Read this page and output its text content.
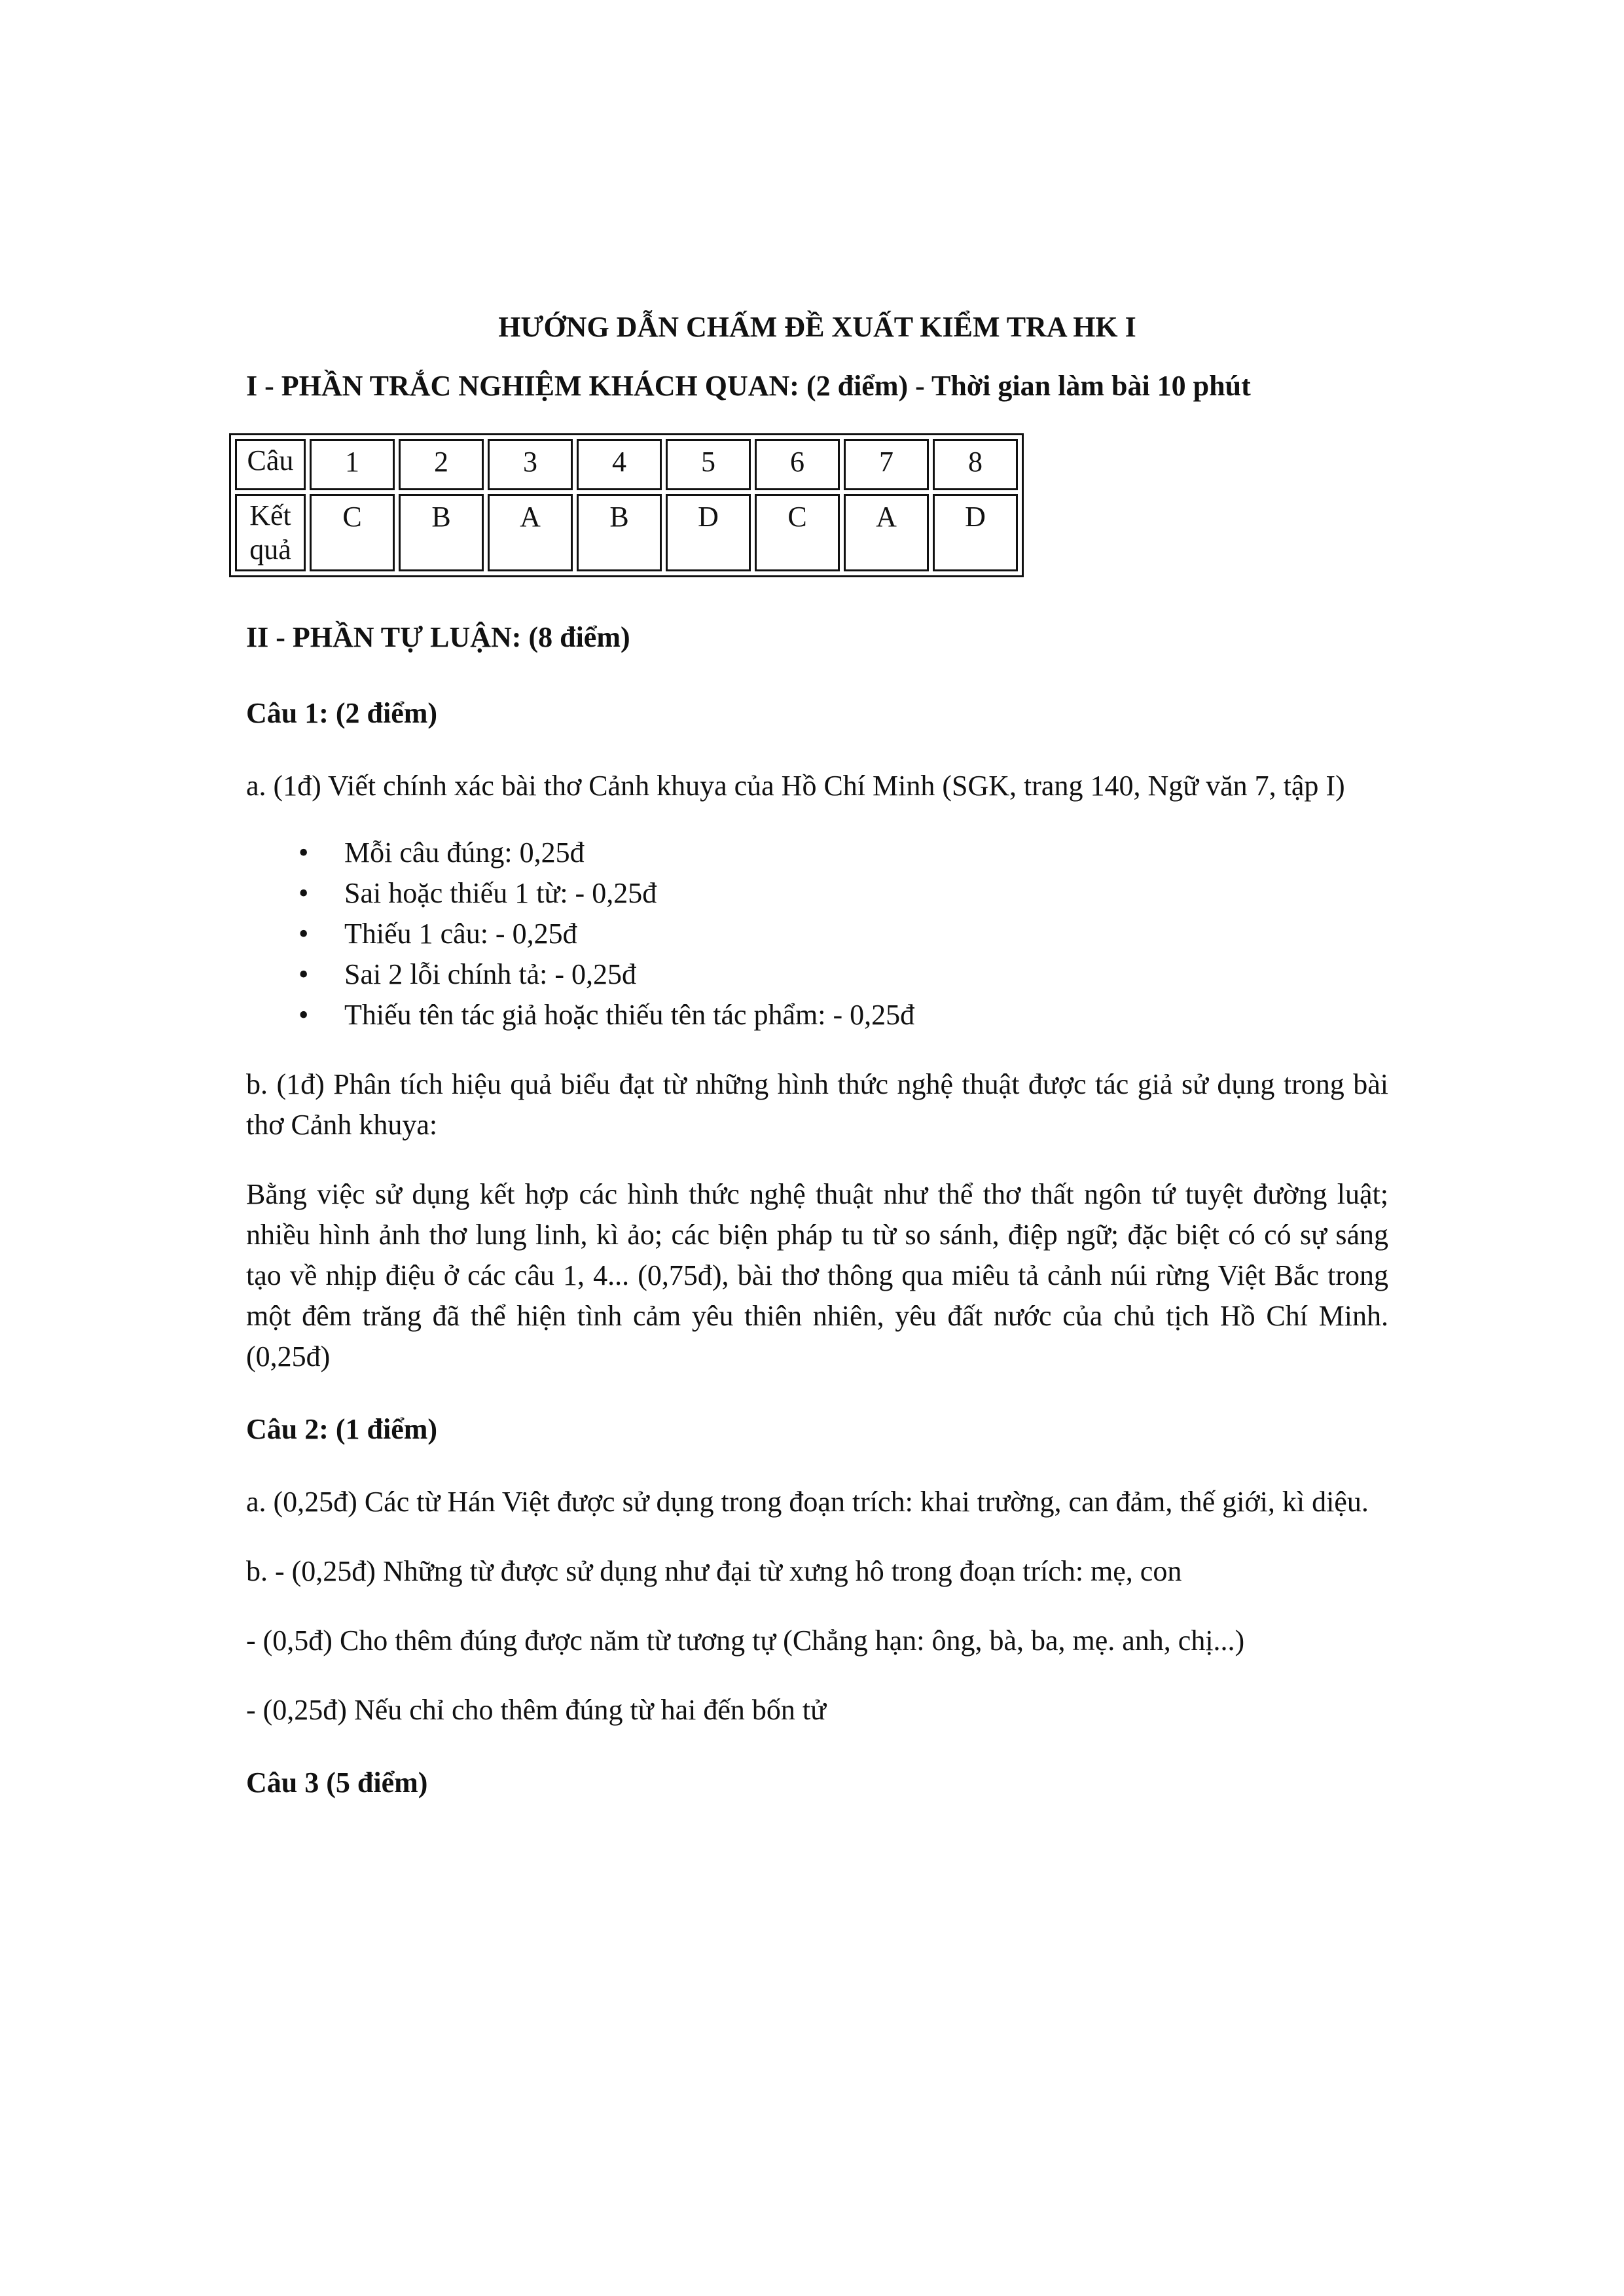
HƯỚNG DẪN CHẤM ĐỀ XUẤT KIỂM TRA HK I

I - PHẦN TRẮC NGHIỆM KHÁCH QUAN: (2 điểm) - Thời gian làm bài 10 phút

Câu	1	2	3	4	5	6	7	8
Kết quả	C	B	A	B	D	C	A	D

II - PHẦN TỰ LUẬN: (8 điểm)

Câu 1: (2 điểm)

a. (1đ) Viết chính xác bài thơ Cảnh khuya của Hồ Chí Minh (SGK, trang 140, Ngữ văn 7, tập I)

• Mỗi câu đúng: 0,25đ
• Sai hoặc thiếu 1 từ: - 0,25đ
• Thiếu 1 câu: - 0,25đ
• Sai 2 lỗi chính tả: - 0,25đ
• Thiếu tên tác giả hoặc thiếu tên tác phẩm: - 0,25đ

b. (1đ) Phân tích hiệu quả biểu đạt từ những hình thức nghệ thuật được tác giả sử dụng trong bài thơ Cảnh khuya:

Bằng việc sử dụng kết hợp các hình thức nghệ thuật như thể thơ thất ngôn tứ tuyệt đường luật; nhiều hình ảnh thơ lung linh, kì ảo; các biện pháp tu từ so sánh, điệp ngữ; đặc biệt có có sự sáng tạo về nhịp điệu ở các câu 1, 4... (0,75đ), bài thơ thông qua miêu tả cảnh núi rừng Việt Bắc trong một đêm trăng đã thể hiện tình cảm yêu thiên nhiên, yêu đất nước của chủ tịch Hồ Chí Minh. (0,25đ)

Câu 2: (1 điểm)

a. (0,25đ) Các từ Hán Việt được sử dụng trong đoạn trích: khai trường, can đảm, thế giới, kì diệu.

b. - (0,25đ) Những từ được sử dụng như đại từ xưng hô trong đoạn trích: mẹ, con

- (0,5đ) Cho thêm đúng được năm từ tương tự (Chẳng hạn: ông, bà, ba, mẹ. anh, chị...)

- (0,25đ) Nếu chỉ cho thêm đúng từ hai đến bốn tử

Câu 3 (5 điểm)
